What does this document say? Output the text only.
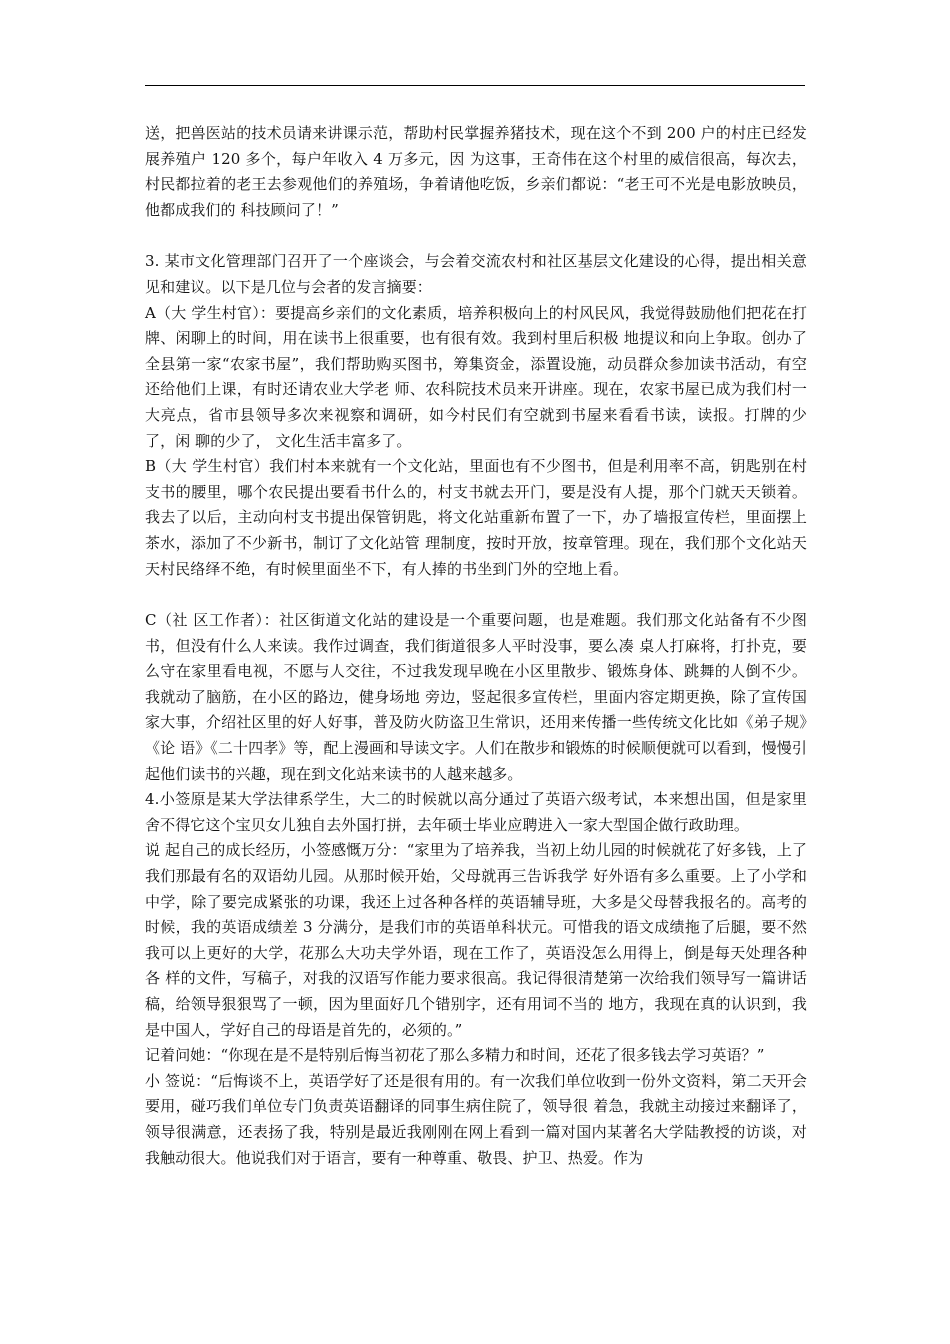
送，把兽医站的技术员请来讲课示范，帮助村民掌握养猪技术，现在这个不到 200 户的村庄已经发展养殖户 120 多个，每户年收入 4 万多元，因 为这事，王奇伟在这个村里的威信很高，每次去，村民都拉着的老王去参观他们的养殖场，争着请他吃饭，乡亲们都说：“老王可不光是电影放映员， 他都成我们的 科技顾问了！”

3. 某市文化管理部门召开了一个座谈会，与会着交流农村和社区基层文化建设的心得，提出相关意见和建议。以下是几位与会者的发言摘要：

A（大 学生村官）：要提高乡亲们的文化素质，培养积极向上的村风民风，我觉得鼓励他们把花在打牌、闲聊上的时间，用在读书上很重要，也有很有效。我到村里后积极 地提议和向上争取。创办了全县第一家“农家书屋”，我们帮助购买图书，筹集资金，添置设施，动员群众参加读书活动，有空还给他们上课，有时还请农业大学老 师、农科院技术员来开讲座。现在，农家书屋已成为我们村一大亮点，省市县领导多次来视察和调研，如今村民们有空就到书屋来看看书读，读报。打牌的少了，闲 聊的少了， 文化生活丰富多了。

B（大 学生村官）我们村本来就有一个文化站，里面也有不少图书，但是利用率不高，钥匙别在村支书的腰里，哪个农民提出要看书什么的，村支书就去开门，要是没有人提，那个门就天天锁着。我去了以后，主动向村支书提出保管钥匙，将文化站重新布置了一下，办了墙报宣传栏，里面摆上茶水，添加了不少新书，制订了文化站管 理制度，按时开放，按章管理。现在，我们那个文化站天天村民络绎不绝，有时候里面坐不下，有人捧的书坐到门外的空地上看。

C（社 区工作者）：社区街道文化站的建设是一个重要问题，也是难题。我们那文化站备有不少图书，但没有什么人来读。我作过调查，我们街道很多人平时没事，要么凑 桌人打麻将，打扑克，要么守在家里看电视，不愿与人交往，不过我发现早晚在小区里散步、锻炼身体、跳舞的人倒不少。我就动了脑筋，在小区的路边，健身场地 旁边，竖起很多宣传栏，里面内容定期更换，除了宣传国家大事，介绍社区里的好人好事，普及防火防盗卫生常识，还用来传播一些传统文化比如《弟子规》《论 语》《二十四孝》等，配上漫画和导读文字。人们在散步和锻炼的时候顺便就可以看到，慢慢引起他们读书的兴趣，现在到文化站来读书的人越来越多。

4.小签原是某大学法律系学生，大二的时候就以高分通过了英语六级考试，本来想出国，但是家里舍不得它这个宝贝女儿独自去外国打拼，去年硕士毕业应聘进入一家大型国企做行政助理。

说 起自己的成长经历，小签感慨万分：“家里为了培养我，当初上幼儿园的时候就花了好多钱，上了我们那最有名的双语幼儿园。从那时候开始，父母就再三告诉我学 好外语有多么重要。上了小学和中学，除了要完成紧张的功课，我还上过各种各样的英语辅导班，大多是父母替我报名的。高考的时候，我的英语成绩差 3 分满分，是我们市的英语单科状元。可惜我的语文成绩拖了后腿，要不然我可以上更好的大学，花那么大功夫学外语，现在工作了，英语没怎么用得上，倒是每天处理各种各 样的文件，写稿子，对我的汉语写作能力要求很高。我记得很清楚第一次给我们领导写一篇讲话稿，给领导狠狠骂了一顿，因为里面好几个错别字，还有用词不当的 地方，我现在真的认识到，我是中国人，学好自己的母语是首先的，必须的。”

记着问她：“你现在是不是特别后悔当初花了那么多精力和时间，还花了很多钱去学习英语？”

小 签说：“后悔谈不上，英语学好了还是很有用的。有一次我们单位收到一份外文资料，第二天开会要用，碰巧我们单位专门负责英语翻译的同事生病住院了，领导很 着急，我就主动接过来翻译了，领导很满意，还表扬了我，特别是最近我刚刚在网上看到一篇对国内某著名大学陆教授的访谈，对我触动很大。他说我们对于语言，要有一种尊重、敬畏、护卫、热爱。作为
